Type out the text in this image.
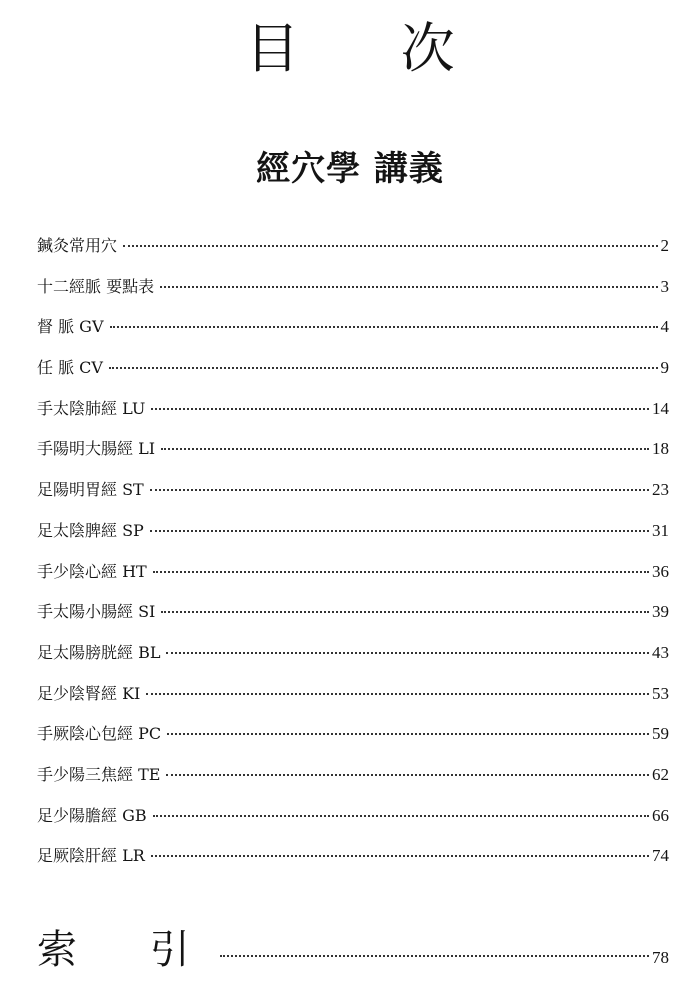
目 次
經穴學 講義
鍼灸常用穴	2
十二經脈 要點表	3
督 脈 GV	4
任 脈 CV	9
手太陰肺經 LU	14
手陽明大腸經 LI	18
足陽明胃經 ST	23
足太陰脾經 SP	31
手少陰心經 HT	36
手太陽小腸經 SI	39
足太陽膀胱經 BL	43
足少陰腎經 KI	53
手厥陰心包經 PC	59
手少陽三焦經 TE	62
足少陽膽經 GB	66
足厥陰肝經 LR	74
索 引	78
